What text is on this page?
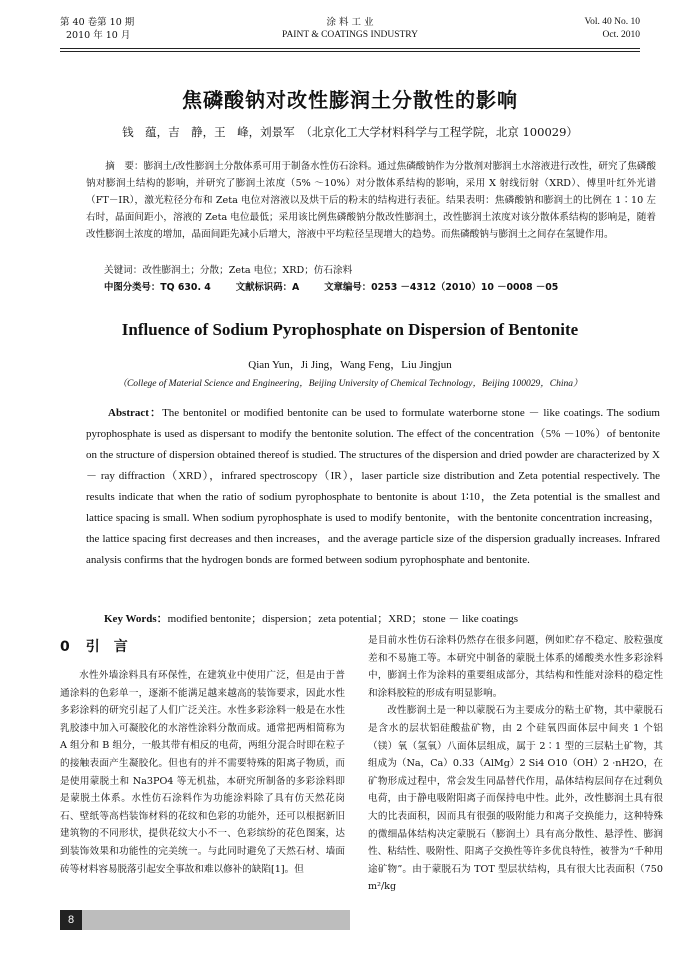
第 40 卷第 10 期
2010 年 10 月
涂 料 工 业
PAINT & COATINGS INDUSTRY
Vol. 40 No. 10
Oct. 2010
焦磷酸钠对改性膨润土分散性的影响
钱　蕴，吉　静，王　峰，刘景军　（北京化工大学材料科学与工程学院，北京 100029）
摘　要：膨润土/改性膨润土分散体系可用于制备水性仿石涂料。通过焦磷酸钠作为分散剂对膨润土水溶液进行改性，研究了焦磷酸钠对膨润土结构的影响，并研究了膨润土浓度（5% ～10%）对分散体系结构的影响，采用 X 射线衍射（XRD）、傅里叶红外光谱（FT－IR），激光粒径分布和 Zeta 电位对溶液以及烘干后的粉末的结构进行表征。结果表明：焦磷酸钠和膨润土的比例在 1∶10 左右时，晶面间距小，溶液的 Zeta 电位最低；采用该比例焦磷酸钠分散改性膨润土，改性膨润土浓度对该分散体系结构的影响是，随着改性膨润土浓度的增加，晶面间距先减小后增大，溶液中平均粒径呈现增大的趋势。而焦磷酸钠与膨润土之间存在氢键作用。
关键词：改性膨润土；分散；Zeta 电位；XRD；仿石涂料
中图分类号：TQ 630. 4	文献标识码：A	文章编号：0253 －4312（2010）10 －0008 －05
Influence of Sodium Pyrophosphate on Dispersion of Bentonite
Qian Yun，Ji Jing，Wang Feng，Liu Jingjun
（College of Material Science and Engineering，Beijing University of Chemical Technology，Beijing 100029，China）
Abstract：The bentonitel or modified bentonite can be used to formulate waterborne stone － like coatings. The sodium pyrophosphate is used as dispersant to modify the bentonite solution. The effect of the concentration（5% －10%）of bentonite on the structure of dispersion obtained thereof is studied. The structures of the dispersion and dried powder are characterized by X － ray diffraction（XRD），infrared spectroscopy（IR），laser particle size distribution and Zeta potential respectively. The results indicate that when the ratio of sodium pyrophosphate to bentonite is about 1∶10，the Zeta potential is the smallest and lattice spacing is small. When sodium pyrophosphate is used to modify bentonite，with the bentonite concentration increasing，the lattice spacing first decreases and then increases，and the average particle size of the dispersion gradually increases. Infrared analysis confirms that the hydrogen bonds are formed between sodium pyrophosphate and bentonite.
Key Words：modified bentonite；dispersion；zeta potential；XRD；stone － like coatings
0 引　言

水性外墙涂料具有环保性，在建筑业中使用广泛，但是由于普通涂料的色彩单一，逐渐不能满足越来越高的装饰要求，因此水性多彩涂料的研究引起了人们广泛关注。水性多彩涂料一般是在水性乳胶漆中加入可凝胶化的水溶性涂料分散而成。通常把两相简称为 A 组分和 B 组分，一般其带有相反的电荷，两组分混合时即在粒子的接触表面产生凝胶化。但也有的并不需要特殊的阳离子物质，而是使用蒙脱土和 Na3PO4 等无机盐，本研究所制备的多彩涂料即是蒙脱土体系。水性仿石涂料作为功能涂料除了具有仿天然花岗石、壁纸等高档装饰材料的花纹和色彩的功能外，还可以根据新旧建筑物的不同形状，提供花纹大小不一、色彩缤纷的花色图案，达到装饰效果和功能性的完美统一。与此同时避免了天然石材、墙面砖等材料容易脱落引起安全事故和难以修补的缺陷[1]。但

是目前水性仿石涂料仍然存在很多问题，例如贮存不稳定、胶粒强度差和不易施工等。本研究中制备的蒙脱土体系的烯酸类水性多彩涂料中，膨润土作为涂料的重要组成部分，其结构和性能对涂料的稳定性和涂料胶粒的形成有明显影响。

改性膨润土是一种以蒙脱石为主要成分的粘土矿物，其中蒙脱石是含水的层状铝硅酸盐矿物，由 2 个硅氧四面体层中间夹 1 个铝（镁）氧（氢氧）八面体层组成，属于 2∶1 型的三层粘土矿物，其组成为（Na，Ca）0.33（AlMg）2 Si4 O10（OH）2 ·nH2O，在矿物形成过程中，常会发生同晶替代作用，晶体结构层间存在过剩负电荷，由于静电吸附阳离子而保持电中性。此外，改性膨润土具有很大的比表面积，因而具有很强的吸附能力和离子交换能力，这种特殊的微细晶体结构决定蒙脱石（膨润土）具有高分散性、悬浮性、膨润性、粘结性、吸附性、阳离子交换性等许多优良特性，被誉为“千种用途矿物”。由于蒙脱石为 TOT 型层状结构，具有很大比表面积（750 m²/kg

8
